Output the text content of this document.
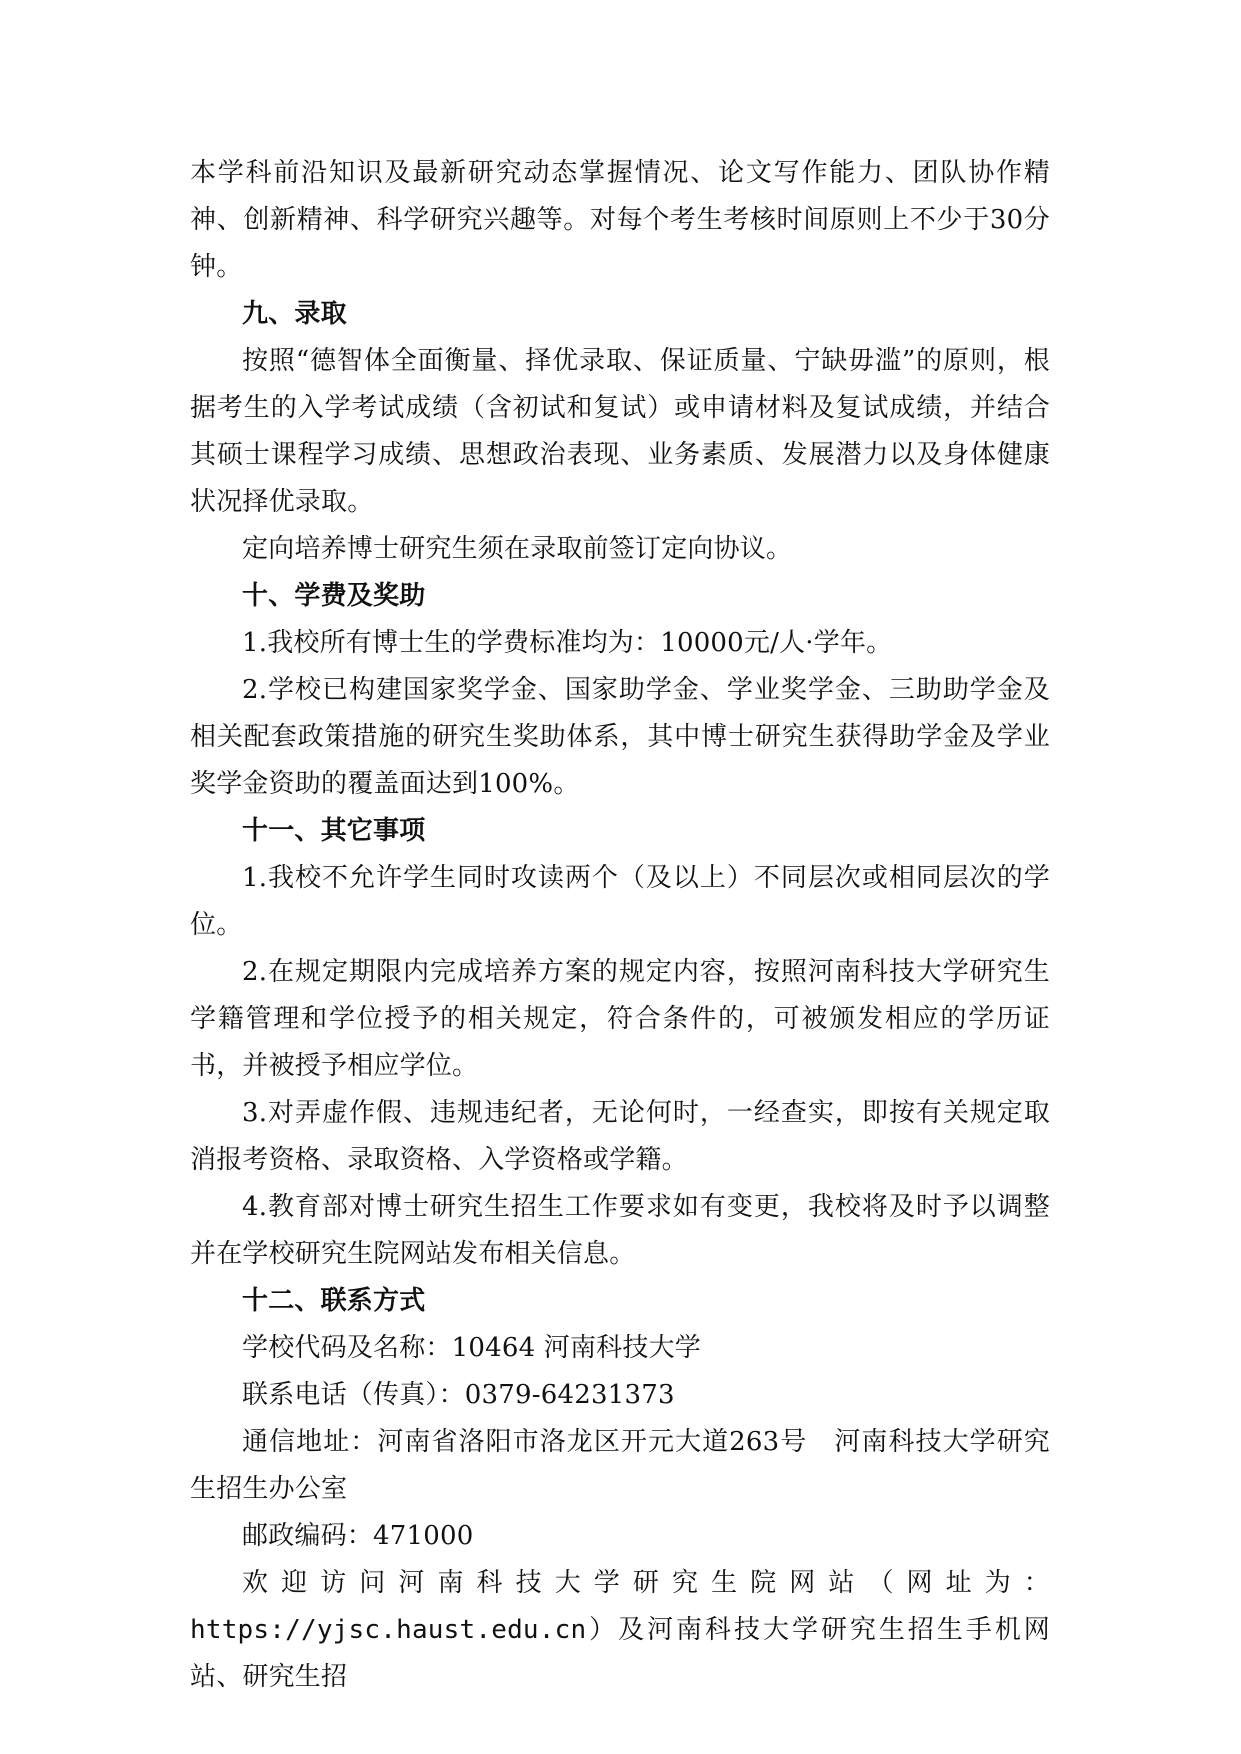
本学科前沿知识及最新研究动态掌握情况、论文写作能力、团队协作精神、创新精神、科学研究兴趣等。对每个考生考核时间原则上不少于30分钟。

九、录取

按照“德智体全面衡量、择优录取、保证质量、宁缺毋滥”的原则，根据考生的入学考试成绩（含初试和复试）或申请材料及复试成绩，并结合其硕士课程学习成绩、思想政治表现、业务素质、发展潜力以及身体健康状况择优录取。

定向培养博士研究生须在录取前签订定向协议。

十、学费及奖助

1.我校所有博士生的学费标准均为：10000元/人·学年。

2.学校已构建国家奖学金、国家助学金、学业奖学金、三助助学金及相关配套政策措施的研究生奖助体系，其中博士研究生获得助学金及学业奖学金资助的覆盖面达到100%。

十一、其它事项

1.我校不允许学生同时攻读两个（及以上）不同层次或相同层次的学位。

2.在规定期限内完成培养方案的规定内容，按照河南科技大学研究生学籍管理和学位授予的相关规定，符合条件的，可被颁发相应的学历证书，并被授予相应学位。

3.对弄虚作假、违规违纪者，无论何时，一经查实，即按有关规定取消报考资格、录取资格、入学资格或学籍。

4.教育部对博士研究生招生工作要求如有变更，我校将及时予以调整并在学校研究生院网站发布相关信息。

十二、联系方式

学校代码及名称：10464 河南科技大学

联系电话（传真）：0379-64231373

通信地址：河南省洛阳市洛龙区开元大道263号　河南科技大学研究生招生办公室

邮政编码：471000

欢迎访问河南科技大学研究生院网站（网址为：

https://yjsc.haust.edu.cn）及河南科技大学研究生招生手机网站、研究生招
